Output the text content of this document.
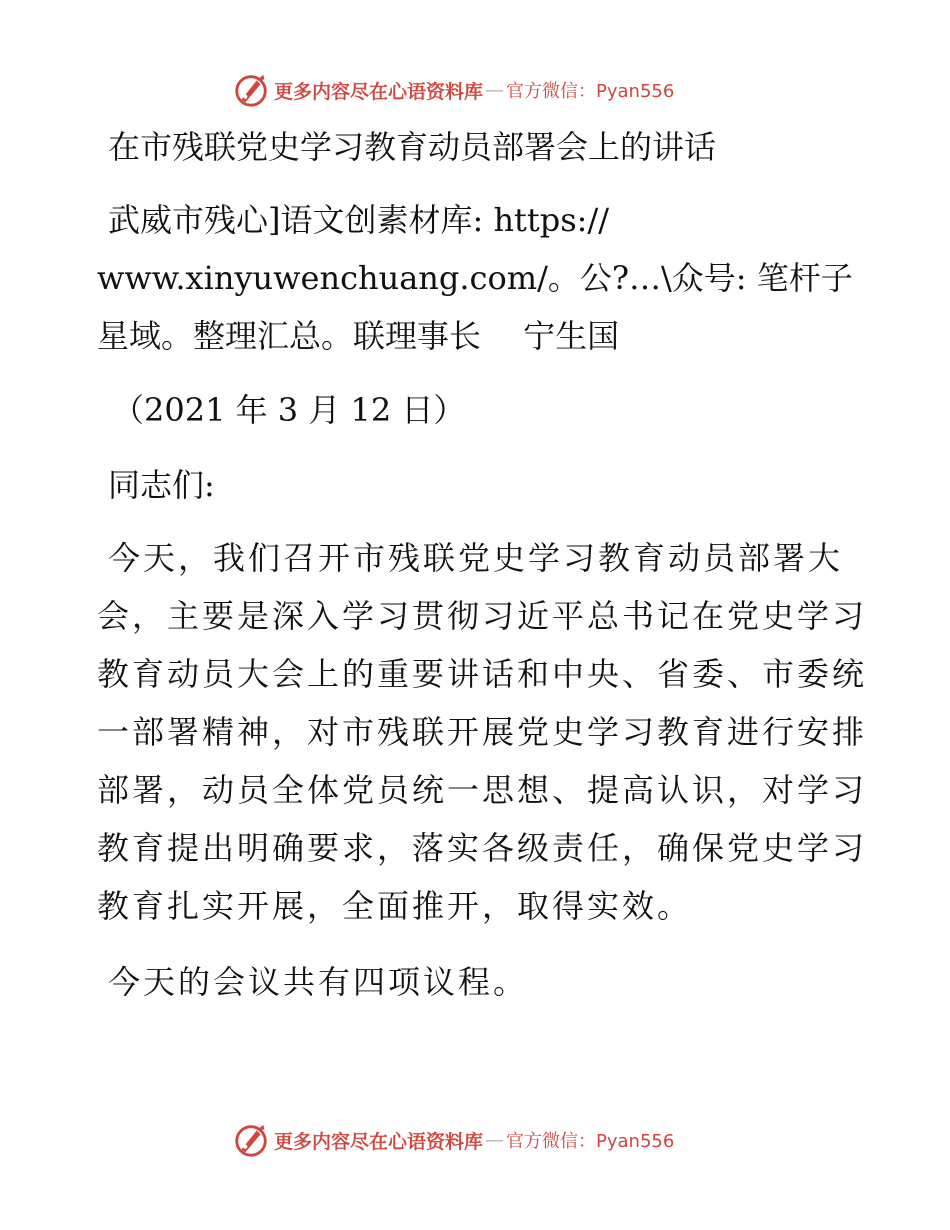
更多内容尽在心语资料库 — 官方微信：Pyan556

在市残联党史学习教育动员部署会上的讲话

武威市残心]语文创素材库: https://

www.xinyuwenchuang.com/。公?…\众号: 笔杆子

星域。整理汇总。联理事长　 宁生国

（2021 年 3 月 12 日）

同志们:

今天，我们召开市残联党史学习教育动员部署大

会，主要是深入学习贯彻习近平总书记在党史学习

教育动员大会上的重要讲话和中央、省委、市委统

一部署精神，对市残联开展党史学习教育进行安排

部署，动员全体党员统一思想、提高认识，对学习

教育提出明确要求，落实各级责任，确保党史学习

教育扎实开展，全面推开，取得实效。

今天的会议共有四项议程。

更多内容尽在心语资料库 — 官方微信：Pyan556
